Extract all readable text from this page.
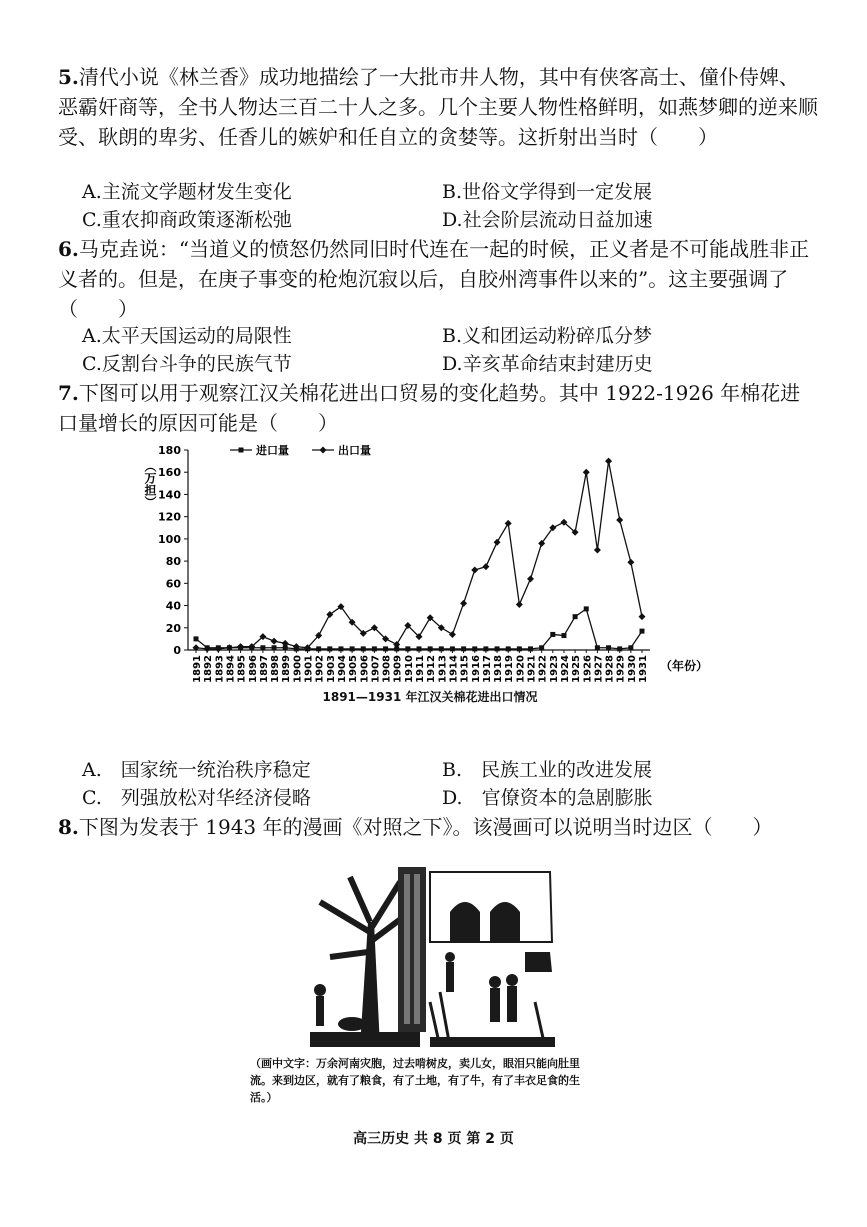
5.清代小说《林兰香》成功地描绘了一大批市井人物，其中有侠客高士、僮仆侍婢、恶霸奸商等，全书人物达三百二十人之多。几个主要人物性格鲜明，如燕梦卿的逆来顺受、耿朗的卑劣、任香儿的嫉妒和任自立的贪婪等。这折射出当时（　　）

A.主流文学题材发生变化	B.世俗文学得到一定发展
C.重农抑商政策逐渐松弛	D.社会阶层流动日益加速

6.马克垚说：“当道义的愤怒仍然同旧时代连在一起的时候，正义者是不可能战胜非正义者的。但是，在庚子事变的枪炮沉寂以后，自胶州湾事件以来的”。这主要强调了（　　）

A.太平天国运动的局限性	B.义和团运动粉碎瓜分梦
C.反割台斗争的民族气节	D.辛亥革命结束封建历史

7.下图可以用于观察江汉关棉花进出口贸易的变化趋势。其中 1922-1926 年棉花进口量增长的原因可能是（　　）

0
20
40
60
80
100
120
140
160
180
（万担）
1891 1892 1893 1894 1895 1896 1897 1898 1899 1900 1901 1902 1903 1904 1905 1906 1907 1908 1909 1910 1911 1912 1913 1914 1915 1916 1917 1918 1919 1920 1921 1922 1923 1924 1925 1926 1927 1928 1929 1930 1931 （年份）
进口量	出口量
1891—1931 年江汉关棉花进出口情况
A.　国家统一统治秩序稳定	B.　民族工业的改进发展
C.　列强放松对华经济侵略	D.　官僚资本的急剧膨胀

8.下图为发表于 1943 年的漫画《对照之下》。该漫画可以说明当时边区（　　）

（画中文字：万余河南灾胞，过去啃树皮，卖儿女，眼泪只能向肚里流。来到边区，就有了粮食，有了土地，有了牛，有了丰衣足食的生活。）
高三历史 共 8 页 第 2 页
